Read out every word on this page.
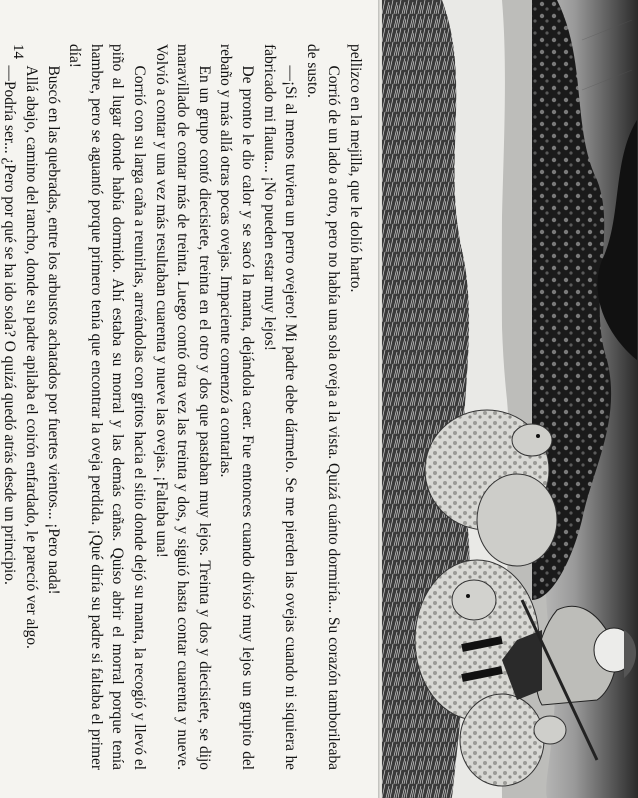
pellizco en la mejilla, que le dolió harto.

Corrió de un lado a otro, pero no había una sola oveja a la vista. Quizá cuánto dormiría... Su corazón tamborileaba de susto.

—¡Si al menos tuviera un perro ovejero! Mi padre debe dármelo. Se me pierden las ovejas cuando ni siquiera he fabricado mi flauta... ¡No pueden estar muy lejos!

De pronto le dio calor y se sacó la manta, dejándola caer. Fue entonces cuando divisó muy lejos un grupito del rebaño y más allá otras pocas ovejas. Impaciente comenzó a contarlas.

En un grupo contó diecisiete, treinta en el otro y dos que pastaban muy lejos. Treinta y dos y diecisiete, se dijo maravillado de contar más de treinta. Luego contó otra vez las treinta y dos, y siguió hasta contar cuarenta y nueve. Volvió a contar y una vez más resultaban cuarenta y nueve las ovejas. ¡Faltaba una!

Corrió con su larga caña a reunirlas, arreándolas con gritos hacia el sitio donde dejó su manta, la recogió y llevó el piño al lugar donde había dormido. Ahí estaba su morral y las demás cañas. Quiso abrir el morral porque tenía hambre, pero se aguantó porque primero tenía que encontrar la oveja perdida. ¡Qué diría su padre si faltaba el primer día!

Buscó en las quebradas, entre los arbustos achatados por fuertes vientos... ¡Pero nada!

Allá abajo, camino del rancho, donde su padre apilaba el coirón enfardado, le pareció ver algo.

—Podría ser... ¿Pero por qué se ha ido sola? O quizá quedó atrás desde un principio.

14
